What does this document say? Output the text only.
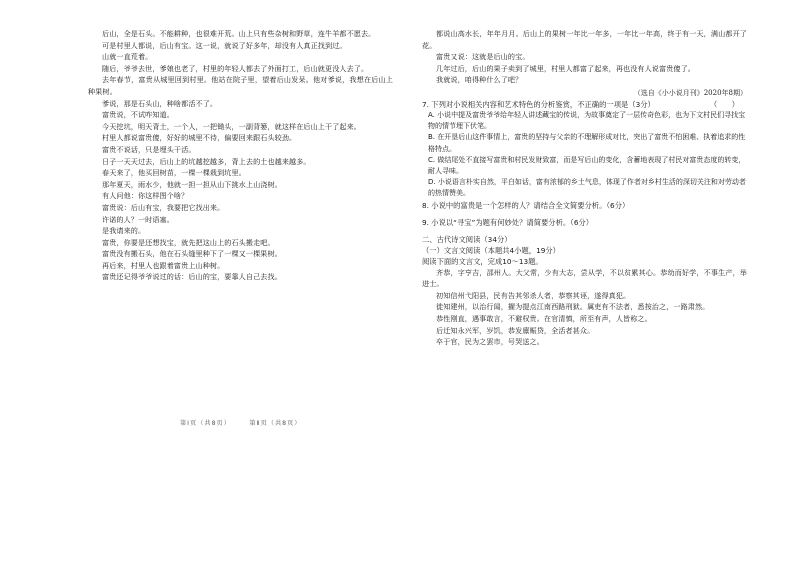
后山，全是石头。不能耕种，也很难开荒。山上只有些杂树和野草，连牛羊都不愿去。

可是村里人都说，后山有宝。这一说，就说了好多年，却没有人真正找到过。

山就一直荒着。

随后，爷爷去世，爹娘也老了，村里的年轻人都去了外面打工，后山就更没人去了。

去年春节，富贵从城里回到村里。他站在院子里，望着后山发呆。他对爹说，我想在后山上种果树。

爹说，那是石头山，种啥都活不了。

富贵说，不试咋知道。

今天挖坑，明天背土，一个人，一把锄头，一副背篓，就这样在后山上干了起来。

村里人都说富贵傻，好好的城里不待，偏要回来跟石头较劲。

富贵不说话，只是埋头干活。

日子一天天过去，后山上的坑越挖越多，背上去的土也越来越多。

春天来了，他买回树苗，一棵一棵栽到坑里。

那年夏天，雨水少，他就一担一担从山下挑水上山浇树。

有人问他：你这样图个啥？

富贵说：后山有宝，我要把它找出来。

许诺的人？一时语塞。

是我请来的。

富贵，你要是还想找宝，就先把这山上的石头搬走吧。

富贵没有搬石头，他在石头缝里种下了一棵又一棵果树。

再后来，村里人也跟着富贵上山种树。

富贵还记得爷爷说过的话：后山的宝，要靠人自己去找。

都说山高水长，年年月月。后山上的果树一年比一年多，一年比一年高，终于有一天，满山都开了花。

富贵又说：这就是后山的宝。

几年过后，后山的果子卖到了城里，村里人都富了起来，再也没有人说富贵傻了。

我就说，咱得种什么了吧？

（选自《小小说月刊》2020年8期）

7. 下列对小说相关内容和艺术特色的分析鉴赏，不正确的一项是（3分）	（　　）

A. 小说中提及富贵爷爷给年轻人讲述藏宝的传说，为故事奠定了一层传奇色彩，也为下文村民们寻找宝物的情节埋下伏笔。

B. 在开垦后山这件事情上，富贵的坚持与父亲的不理解形成对比，突出了富贵不怕困难、执着追求的性格特点。

C. 做结尾处不直接写富贵和村民发财致富，而是写后山的变化，含蓄地表现了村民对富贵态度的转变，耐人寻味。

D. 小说语言朴实自然，平白如话，富有浓郁的乡土气息，体现了作者对乡村生活的深切关注和对劳动者的热情赞美。

8. 小说中的富贵是一个怎样的人？请结合全文简要分析。（6分）

9. 小说以“寻宝”为题有何妙处？请简要分析。（6分）

二、古代诗文阅读（34分）

（一）文言文阅读（本题共4小题，19分）

阅读下面的文言文，完成10～13题。

齐恭，字亨吉，邵州人。大父常，少有大志，尝从学，不以贫累其心。恭幼而好学，不事生产，举进士。

初知信州弋阳县，民有告其邻杀人者，恭察其诬，遂得真犯。

徙知建州，以治行闻，擢为提点江南西路刑狱。属吏有不法者，悉按治之，一路肃然。

恭性刚直，遇事敢言，不避权贵。在官清慎，所至有声，人皆称之。

后迁知永兴军，岁饥，恭发廪赈贷，全活者甚众。

卒于官，民为之罢市，号哭送之。

第Ⅰ页（共8页）　　　第Ⅱ页（共8页）
